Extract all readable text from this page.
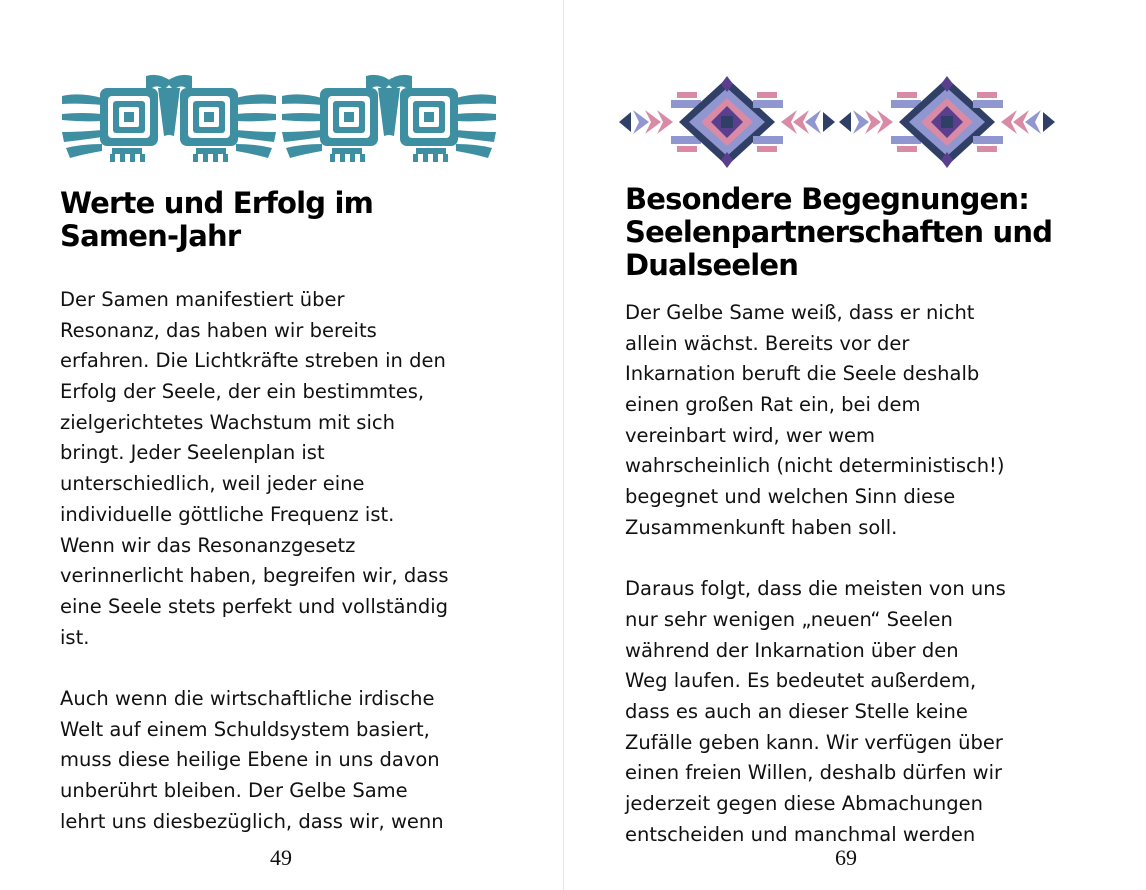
Werte und Erfolg im
Samen-Jahr
Der Samen manifestiert über
Resonanz, das haben wir bereits
erfahren. Die Lichtkräfte streben in den
Erfolg der Seele, der ein bestimmtes,
zielgerichtetes Wachstum mit sich
bringt. Jeder Seelenplan ist
unterschiedlich, weil jeder eine
individuelle göttliche Frequenz ist.
Wenn wir das Resonanzgesetz
verinnerlicht haben, begreifen wir, dass
eine Seele stets perfekt und vollständig
ist.
Auch wenn die wirtschaftliche irdische
Welt auf einem Schuldsystem basiert,
muss diese heilige Ebene in uns davon
unberührt bleiben. Der Gelbe Same
lehrt uns diesbezüglich, dass wir, wenn
49
Besondere Begegnungen:
Seelenpartnerschaften und
Dualseelen
Der Gelbe Same weiß, dass er nicht
allein wächst. Bereits vor der
Inkarnation beruft die Seele deshalb
einen großen Rat ein, bei dem
vereinbart wird, wer wem
wahrscheinlich (nicht deterministisch!)
begegnet und welchen Sinn diese
Zusammenkunft haben soll.
Daraus folgt, dass die meisten von uns
nur sehr wenigen „neuen“ Seelen
während der Inkarnation über den
Weg laufen. Es bedeutet außerdem,
dass es auch an dieser Stelle keine
Zufälle geben kann. Wir verfügen über
einen freien Willen, deshalb dürfen wir
jederzeit gegen diese Abmachungen
entscheiden und manchmal werden
69
